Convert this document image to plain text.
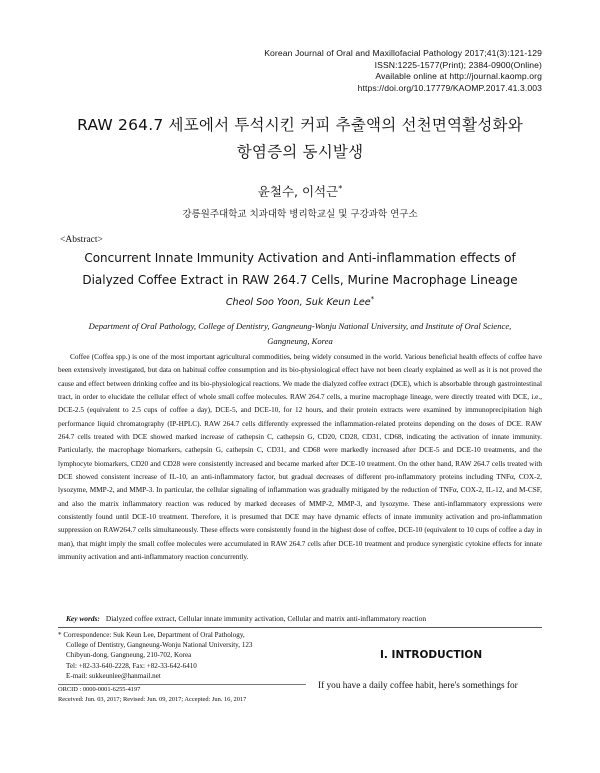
Korean Journal of Oral and Maxillofacial Pathology 2017;41(3):121-129
ISSN:1225-1577(Print); 2384-0900(Online)
Available online at http://journal.kaomp.org
https://doi.org/10.17779/KAOMP.2017.41.3.003
RAW 264.7 세포에서 투석시킨 커피 추출액의 선천면역활성화와
항염증의 동시발생
윤철수, 이석근*
강릉원주대학교 치과대학 병리학교실 및 구강과학 연구소
<Abstract>
Concurrent Innate Immunity Activation and Anti-inflammation effects of
Dialyzed Coffee Extract in RAW 264.7 Cells, Murine Macrophage Lineage
Cheol Soo Yoon, Suk Keun Lee*
Department of Oral Pathology, College of Dentistry, Gangneung-Wonju National University, and Institute of Oral Science,
Gangneung, Korea

Coffee (Coffea spp.) is one of the most important agricultural commodities, being widely consumed in the world. Various beneficial health effects of coffee have been extensively investigated, but data on habitual coffee consumption and its bio-physiological effect have not been clearly explained as well as it is not proved the cause and effect between drinking coffee and its bio-physiological reactions. We made the dialyzed coffee extract (DCE), which is absorbable through gastrointestinal tract, in order to elucidate the cellular effect of whole small coffee molecules. RAW 264.7 cells, a murine macrophage lineage, were directly treated with DCE, i.e., DCE-2.5 (equivalent to 2.5 cups of coffee a day), DCE-5, and DCE-10, for 12 hours, and their protein extracts were examined by immunoprecipitation high performance liquid chromatography (IP-HPLC). RAW 264.7 cells differently expressed the inflammation-related proteins depending on the doses of DCE. RAW 264.7 cells treated with DCE showed marked increase of cathepsin C, cathepsin G, CD20, CD28, CD31, CD68, indicating the activation of innate immunity. Particularly, the macrophage biomarkers, cathepsin G, cathepsin C, CD31, and CD68 were markedly increased after DCE-5 and DCE-10 treatments, and the lymphocyte biomarkers, CD20 and CD28 were consistently increased and became marked after DCE-10 treatment. On the other hand, RAW 264.7 cells treated with DCE showed consistent increase of IL-10, an anti-inflammatory factor, but gradual decreases of different pro-inflammatory proteins including TNFα, COX-2, lysozyme, MMP-2, and MMP-3. In particular, the cellular signaling of inflammation was gradually mitigated by the reduction of TNFα, COX-2, IL-12, and M-CSF, and also the matrix inflammatory reaction was reduced by marked deceases of MMP-2, MMP-3, and lysozyme. These anti-inflammatory expressions were consistently found until DCE-10 treatment. Therefore, it is presumed that DCE may have dynamic effects of innate immunity activation and pro-inflammation suppression on RAW264.7 cells simultaneously. These effects were consistently found in the highest dose of coffee, DCE-10 (equivalent to 10 cups of coffee a day in man), that might imply the small coffee molecules were accumulated in RAW 264.7 cells after DCE-10 treatment and produce synergistic cytokine effects for innate immunity activation and anti-inflammatory reaction concurrently.

Key words: Dialyzed coffee extract, Cellular innate immunity activation, Cellular and matrix anti-inflammatory reaction
* Correspondence: Suk Keun Lee, Department of Oral Pathology,
College of Dentistry, Gangneung-Wonju National University, 123
Chibyun-dong, Gangneung, 210-702, Korea
Tel: +82-33-640-2228, Fax: +82-33-642-6410
E-mail: sukkeunlee@hanmail.net
ORCID : 0000-0001-6255-4197
Received: Jun. 03, 2017; Revised: Jun. 09, 2017; Accepted: Jun. 16, 2017
Ⅰ. INTRODUCTION
If you have a daily coffee habit, here's somethings for
